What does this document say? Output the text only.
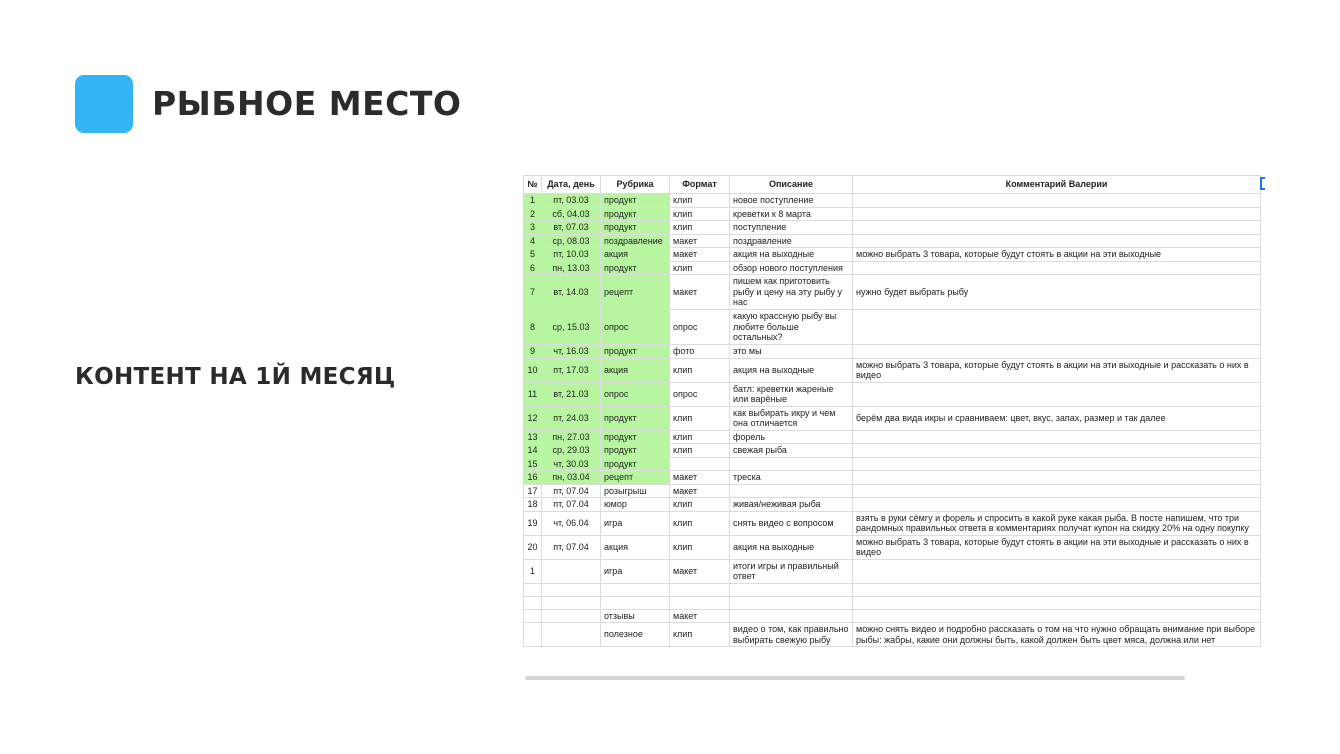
РЫБНОЕ МЕСТО
КОНТЕНТ НА 1Й МЕСЯЦ
№	Дата, день	Рубрика	Формат	Описание	Комментарий Валерии
1	пт, 03.03	продукт	клип	новое поступление	
2	сб, 04.03	продукт	клип	креветки к 8 марта	
3	вт, 07.03	продукт	клип	поступление	
4	ср, 08.03	поздравление	макет	поздравление	
5	пт, 10.03	акция	макет	акция на выходные	можно выбрать 3 товара, которые будут стоять в акции на эти выходные
6	пн, 13.03	продукт	клип	обзор нового поступления	
7	вт, 14.03	рецепт	макет	пишем как приготовить рыбу и цену на эту рыбу у нас	нужно будет выбрать рыбу
8	ср, 15.03	опрос	опрос	какую крассную рыбу вы любите больше остальных?	
9	чт, 16.03	продукт	фото	это мы	
10	пт, 17.03	акция	клип	акция на выходные	можно выбрать 3 товара, которые будут стоять в акции на эти выходные и рассказать о них в видео
11	вт, 21.03	опрос	опрос	батл: креветки жареные или варёные	
12	пт, 24.03	продукт	клип	как выбирать икру и чем она отличается	берём два вида икры и сравниваем: цвет, вкус, запах, размер и так далее
13	пн, 27.03	продукт	клип	форель	
14	ср, 29.03	продукт	клип	свежая рыба	
15	чт, 30.03	продукт			
16	пн, 03.04	рецепт	макет	треска	
17	пт, 07.04	розыгрыш	макет		
18	пт, 07.04	юмор	клип	живая/неживая рыба	
19	чт, 06.04	игра	клип	снять видео с вопросом	взять в руки сёмгу и форель и спросить в какой руке какая рыба. В посте напишем, что три рандомных правильных ответа в комментариях получат купон на скидку 20% на одну покупку
20	пт, 07.04	акция	клип	акция на выходные	можно выбрать 3 товара, которые будут стоять в акции на эти выходные и рассказать о них в видео
1		игра	макет	итоги игры и правильный ответ	

		отзывы	макет		
		полезное	клип	видео о том, как правильно выбирать свежую рыбу	можно снять видео и подробно рассказать о том на что нужно обращать внимание при выборе рыбы: жабры, какие они должны быть, какой должен быть цвет мяса, должна или нет
